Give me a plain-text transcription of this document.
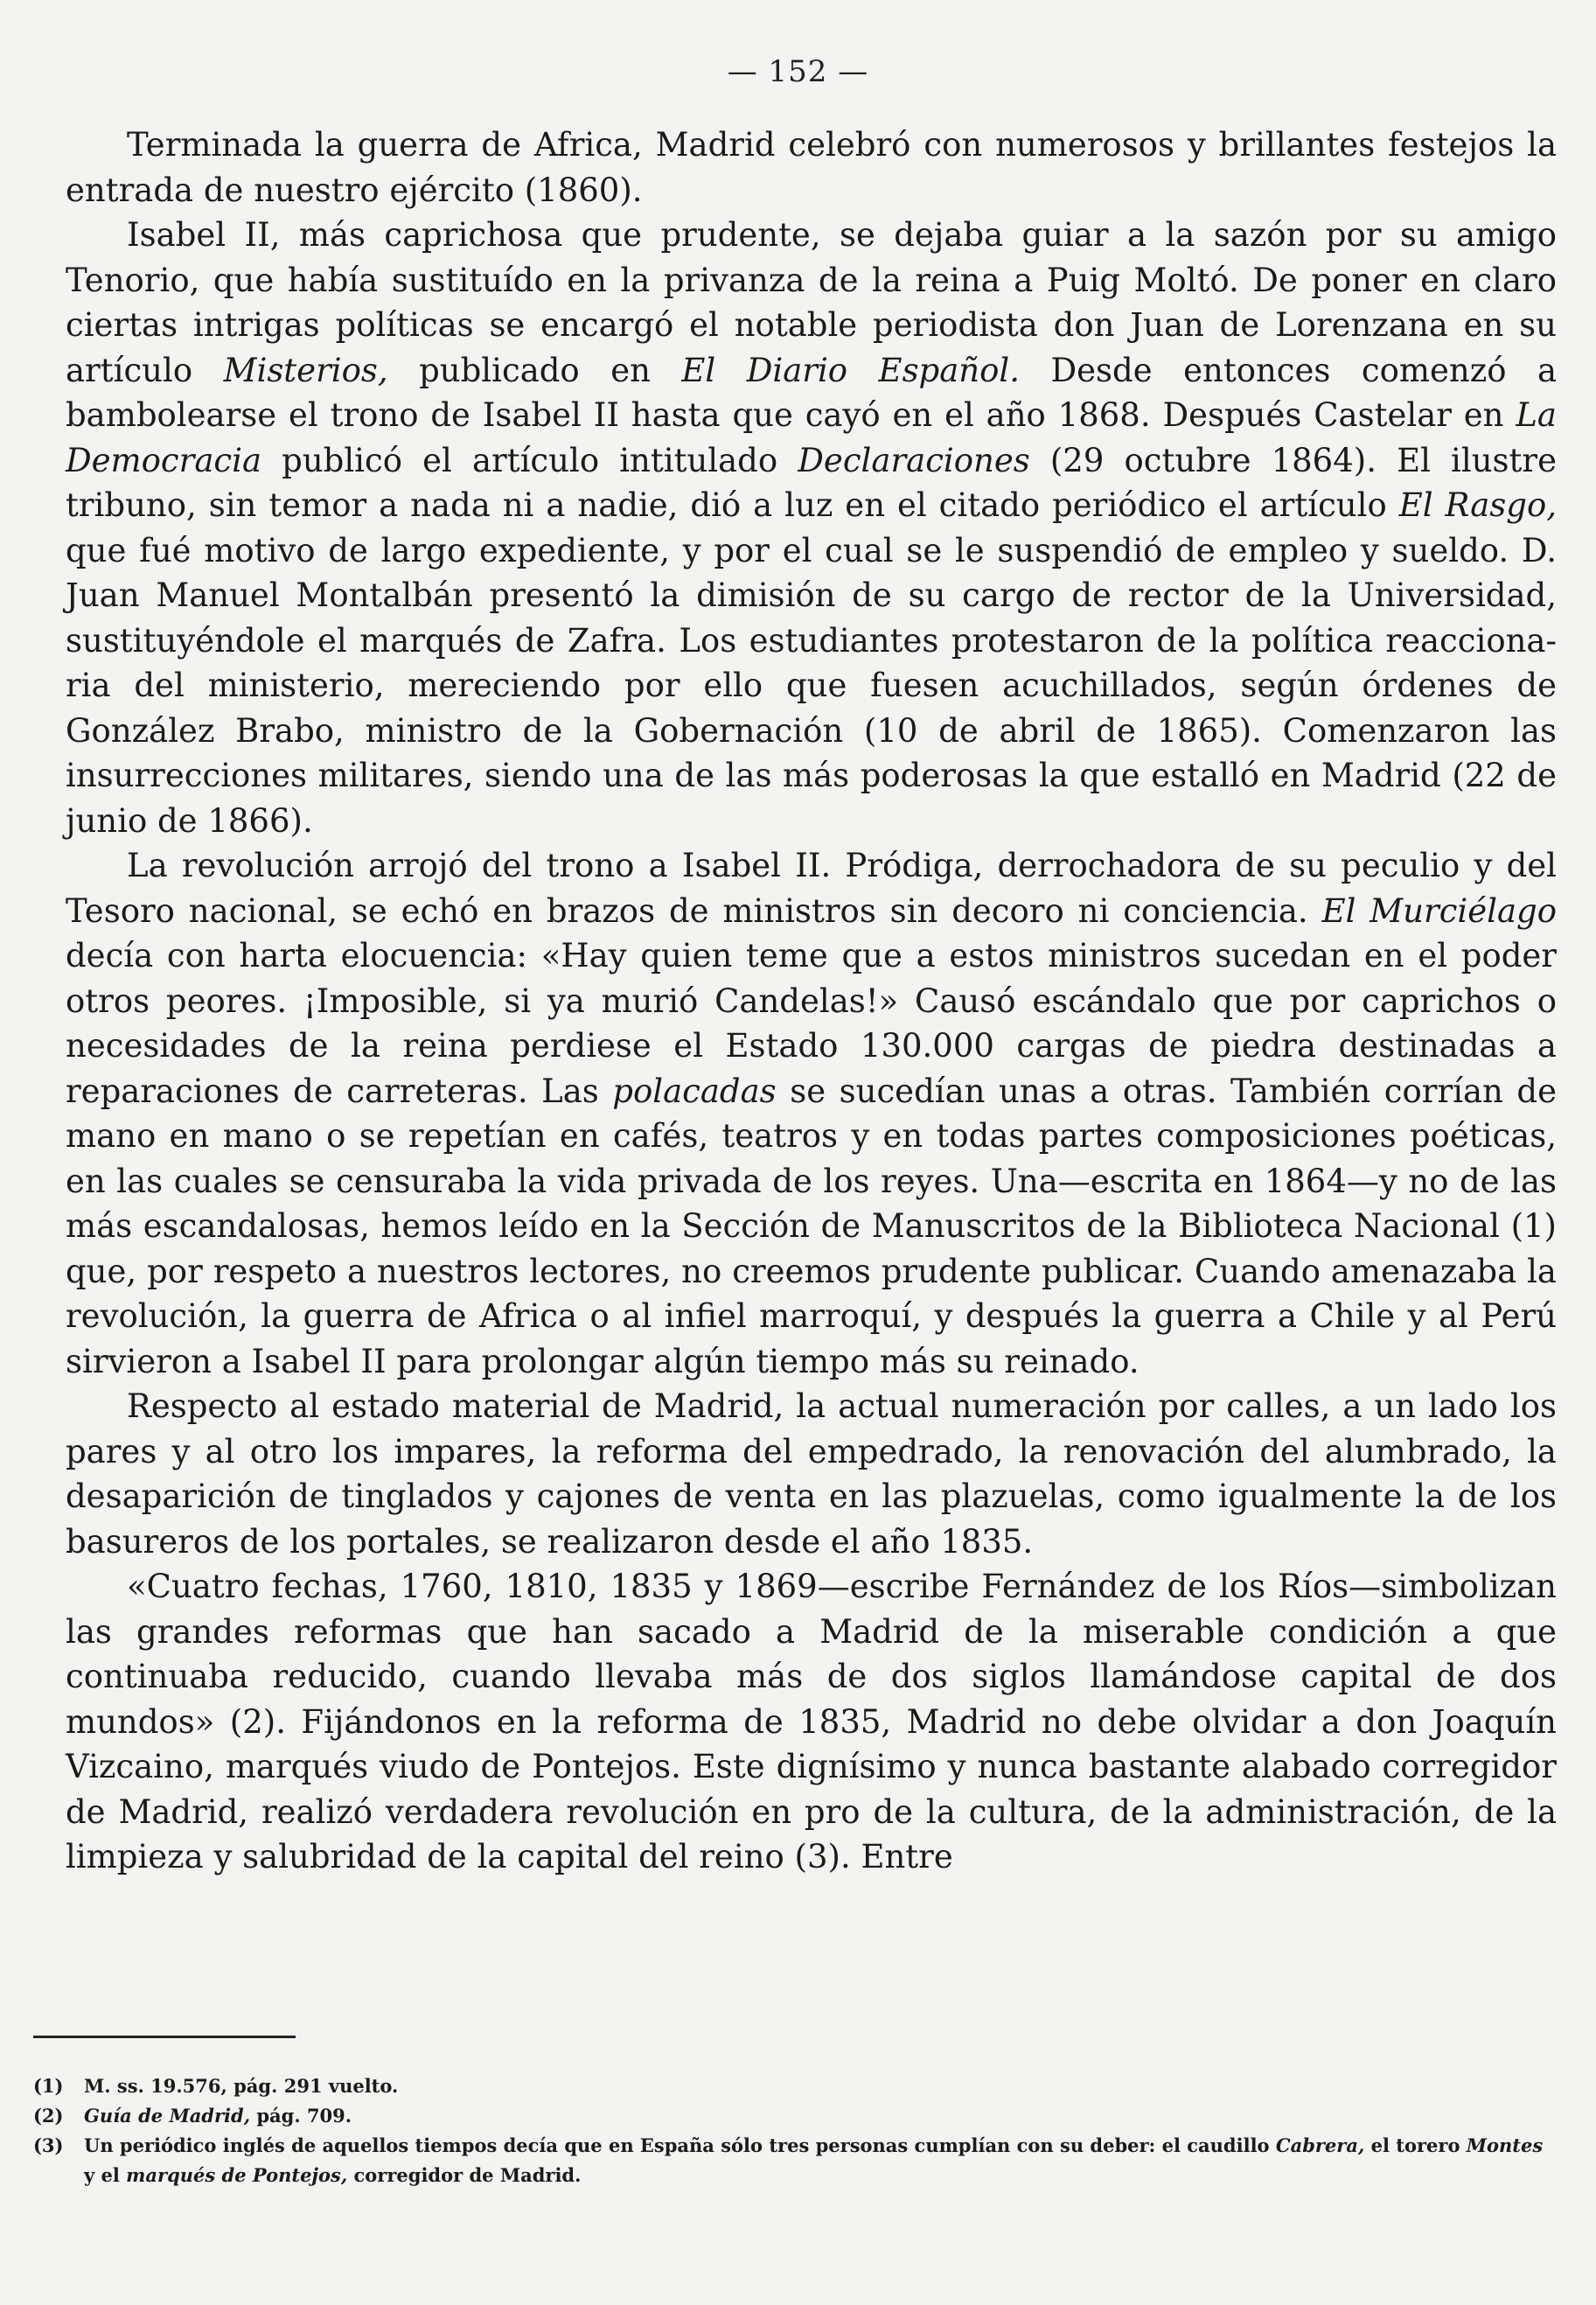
— 152 —

Terminada la guerra de Africa, Madrid celebró con numerosos y brillantes festejos la entrada de nuestro ejército (1860).

Isabel II, más caprichosa que prudente, se dejaba guiar a la sazón por su amigo Tenorio, que había sustituído en la privanza de la reina a Puig Moltó. De poner en claro ciertas intrigas políticas se encargó el notable periodista don Juan de Lorenzana en su artículo Misterios, publicado en El Diario Español. Desde entonces comenzó a bambolearse el trono de Isabel II hasta que cayó en el año 1868. Después Castelar en La Democracia publicó el artículo intitulado Declaraciones (29 octubre 1864). El ilustre tribuno, sin temor a nada ni a nadie, dió a luz en el citado periódico el artículo El Rasgo, que fué motivo de largo expediente, y por el cual se le suspendió de empleo y sueldo. D. Juan Manuel Montalbán presentó la dimisión de su cargo de rector de la Universidad, sustituyéndole el marqués de Zafra. Los estudiantes protestaron de la política reaccionaria del ministerio, mereciendo por ello que fuesen acuchillados, según órdenes de González Brabo, ministro de la Gobernación (10 de abril de 1865). Comenzaron las insurrecciones militares, siendo una de las más poderosas la que estalló en Madrid (22 de junio de 1866).

La revolución arrojó del trono a Isabel II. Pródiga, derrochadora de su peculio y del Tesoro nacional, se echó en brazos de ministros sin decoro ni conciencia. El Murciélago decía con harta elocuencia: «Hay quien teme que a estos ministros sucedan en el poder otros peores. ¡Imposible, si ya murió Candelas!» Causó escándalo que por caprichos o necesidades de la reina perdiese el Estado 130.000 cargas de piedra destinadas a reparaciones de carreteras. Las polacadas se sucedían unas a otras. También corrían de mano en mano o se repetían en cafés, teatros y en todas partes composiciones poéticas, en las cuales se censuraba la vida privada de los reyes. Una—escrita en 1864—y no de las más escandalosas, hemos leído en la Sección de Manuscritos de la Biblioteca Nacional (1) que, por respeto a nuestros lectores, no creemos prudente publicar. Cuando amenazaba la revolución, la guerra de Africa o al infiel marroquí, y después la guerra a Chile y al Perú sirvieron a Isabel II para prolongar algún tiempo más su reinado.

Respecto al estado material de Madrid, la actual numeración por calles, a un lado los pares y al otro los impares, la reforma del empedrado, la renovación del alumbrado, la desaparición de tinglados y cajones de venta en las plazuelas, como igualmente la de los basureros de los portales, se realizaron desde el año 1835.

«Cuatro fechas, 1760, 1810, 1835 y 1869—escribe Fernández de los Ríos—simbolizan las grandes reformas que han sacado a Madrid de la miserable condición a que continuaba reducido, cuando llevaba más de dos siglos llamándose capital de dos mundos» (2). Fijándonos en la reforma de 1835, Madrid no debe olvidar a don Joaquín Vizcaino, marqués viudo de Pontejos. Este dignísimo y nunca bastante alabado corregidor de Madrid, realizó verdadera revolución en pro de la cultura, de la administración, de la limpieza y salubridad de la capital del reino (3). Entre

(1) M. ss. 19.576, pág. 291 vuelto.
(2) Guía de Madrid, pág. 709.
(3) Un periódico inglés de aquellos tiempos decía que en España sólo tres personas cumplían con su deber: el caudillo Cabrera, el torero Montes y el marqués de Pontejos, corregidor de Madrid.
